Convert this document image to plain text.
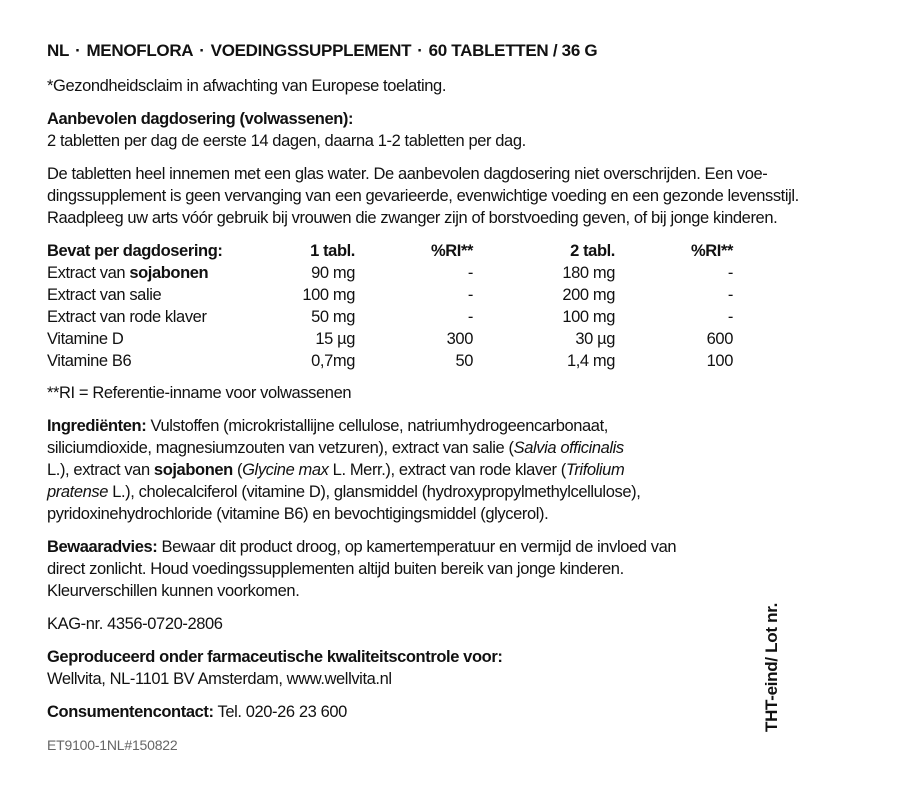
NL · MENOFLORA · VOEDINGSSUPPLEMENT · 60 TABLETTEN / 36 G

*Gezondheidsclaim in afwachting van Europese toelating.

Aanbevolen dagdosering (volwassenen):

2 tabletten per dag de eerste 14 dagen, daarna 1-2 tabletten per dag.

De tabletten heel innemen met een glas water. De aanbevolen dagdosering niet overschrijden. Een voe-

dingssupplement is geen vervanging van een gevarieerde, evenwichtige voeding en een gezonde levensstijl.

Raadpleeg uw arts vóór gebruik bij vrouwen die zwanger zijn of borstvoeding geven, of bij jonge kinderen.

Bevat per dagdosering:	1 tabl.	%RI**	2 tabl.	%RI**
Extract van sojabonen	90 mg	-	180 mg	-
Extract van salie	100 mg	-	200 mg	-
Extract van rode klaver	50 mg	-	100 mg	-
Vitamine D	15 µg	300	30 µg	600
Vitamine B6	0,7mg	50	1,4 mg	100

**RI = Referentie-inname voor volwassenen

Ingrediënten: Vulstoffen (microkristallijne cellulose, natriumhydrogeencarbonaat,

siliciumdioxide, magnesiumzouten van vetzuren), extract van salie (Salvia officinalis

L.), extract van sojabonen (Glycine max L. Merr.), extract van rode klaver (Trifolium

pratense L.), cholecalciferol (vitamine D), glansmiddel (hydroxypropylmethylcellulose),

pyridoxinehydrochloride (vitamine B6) en bevochtigingsmiddel (glycerol).

Bewaaradvies: Bewaar dit product droog, op kamertemperatuur en vermijd de invloed van

direct zonlicht. Houd voedingssupplementen altijd buiten bereik van jonge kinderen.

Kleurverschillen kunnen voorkomen.

KAG-nr. 4356-0720-2806

Geproduceerd onder farmaceutische kwaliteitscontrole voor:

Wellvita, NL-1101 BV Amsterdam, www.wellvita.nl

Consumentencontact: Tel. 020-26 23 600

ET9100-1NL#150822

THT-eind/ Lot nr.
